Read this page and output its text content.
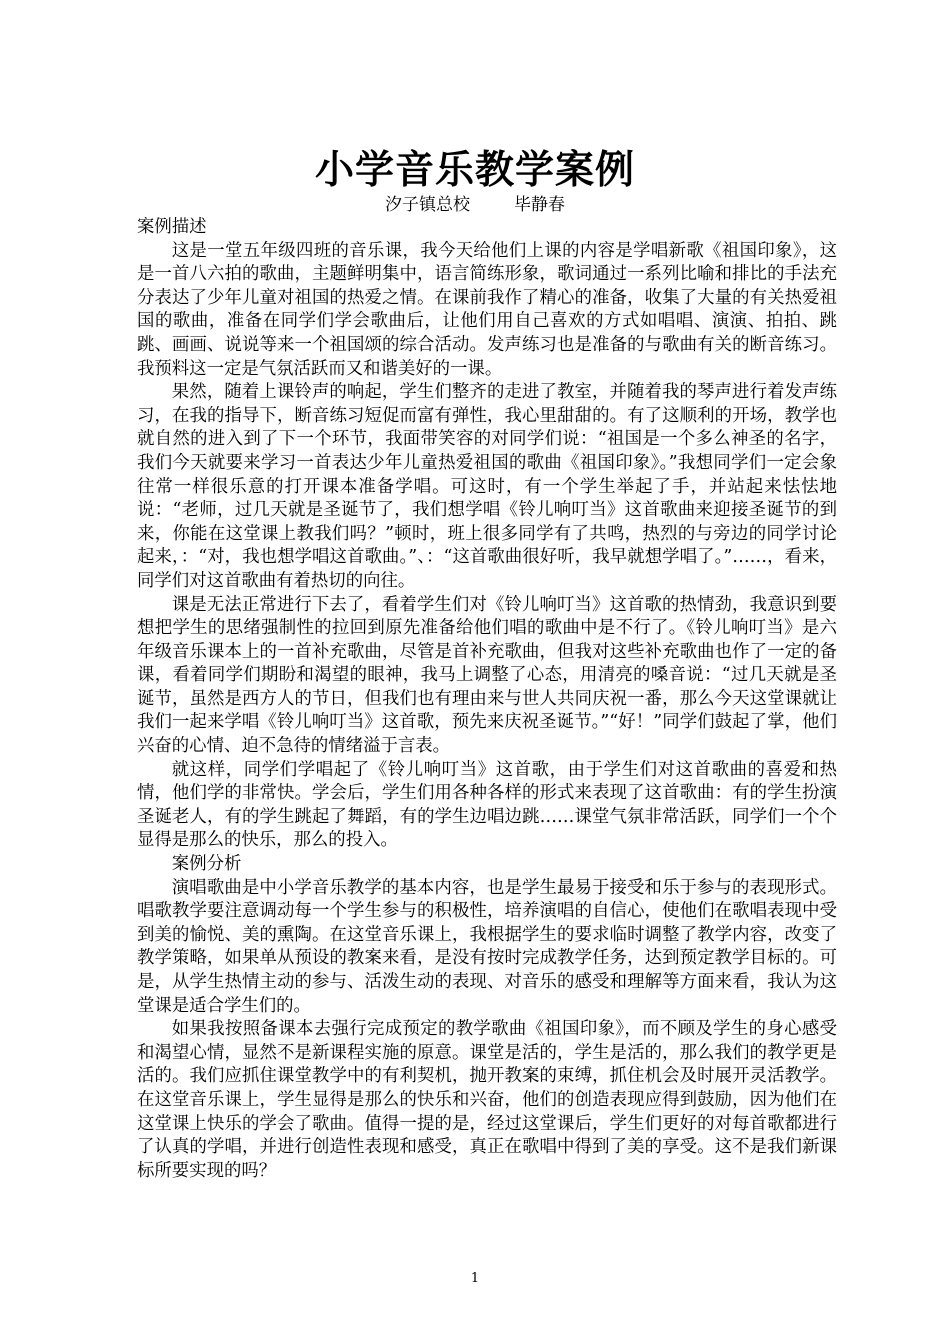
小学音乐教学案例
汐子镇总校	毕静春

案例描述

这是一堂五年级四班的音乐课，我今天给他们上课的内容是学唱新歌《祖国印象》，这是一首八六拍的歌曲，主题鲜明集中，语言简练形象，歌词通过一系列比喻和排比的手法充分表达了少年儿童对祖国的热爱之情。在课前我作了精心的准备，收集了大量的有关热爱祖国的歌曲，准备在同学们学会歌曲后，让他们用自己喜欢的方式如唱唱、演演、拍拍、跳跳、画画、说说等来一个祖国颂的综合活动。发声练习也是准备的与歌曲有关的断音练习。我预料这一定是气氛活跃而又和谐美好的一课。

果然，随着上课铃声的响起，学生们整齐的走进了教室，并随着我的琴声进行着发声练习，在我的指导下，断音练习短促而富有弹性，我心里甜甜的。有了这顺利的开场，教学也就自然的进入到了下一个环节，我面带笑容的对同学们说：“祖国是一个多么神圣的名字，我们今天就要来学习一首表达少年儿童热爱祖国的歌曲《祖国印象》。”我想同学们一定会象往常一样很乐意的打开课本准备学唱。可这时，有一个学生举起了手，并站起来怯怯地说：“老师，过几天就是圣诞节了，我们想学唱《铃儿响叮当》这首歌曲来迎接圣诞节的到来，你能在这堂课上教我们吗？”顿时，班上很多同学有了共鸣，热烈的与旁边的同学讨论起来，：“对，我也想学唱这首歌曲。”、：“这首歌曲很好听，我早就想学唱了。”……，看来，同学们对这首歌曲有着热切的向往。

课是无法正常进行下去了，看着学生们对《铃儿响叮当》这首歌的热情劲，我意识到要想把学生的思绪强制性的拉回到原先准备给他们唱的歌曲中是不行了。《铃儿响叮当》是六年级音乐课本上的一首补充歌曲，尽管是首补充歌曲，但我对这些补充歌曲也作了一定的备课，看着同学们期盼和渴望的眼神，我马上调整了心态，用清亮的嗓音说：“过几天就是圣诞节，虽然是西方人的节日，但我们也有理由来与世人共同庆祝一番，那么今天这堂课就让我们一起来学唱《铃儿响叮当》这首歌，预先来庆祝圣诞节。”“好！”同学们鼓起了掌，他们兴奋的心情、迫不急待的情绪溢于言表。

就这样，同学们学唱起了《铃儿响叮当》这首歌，由于学生们对这首歌曲的喜爱和热情，他们学的非常快。学会后，学生们用各种各样的形式来表现了这首歌曲：有的学生扮演圣诞老人，有的学生跳起了舞蹈，有的学生边唱边跳……课堂气氛非常活跃，同学们一个个显得是那么的快乐，那么的投入。

案例分析

演唱歌曲是中小学音乐教学的基本内容，也是学生最易于接受和乐于参与的表现形式。唱歌教学要注意调动每一个学生参与的积极性，培养演唱的自信心，使他们在歌唱表现中受到美的愉悦、美的熏陶。在这堂音乐课上，我根据学生的要求临时调整了教学内容，改变了教学策略，如果单从预设的教案来看，是没有按时完成教学任务，达到预定教学目标的。可是，从学生热情主动的参与、活泼生动的表现、对音乐的感受和理解等方面来看，我认为这堂课是适合学生们的。

如果我按照备课本去强行完成预定的教学歌曲《祖国印象》，而不顾及学生的身心感受和渴望心情，显然不是新课程实施的原意。课堂是活的，学生是活的，那么我们的教学更是活的。我们应抓住课堂教学中的有利契机，抛开教案的束缚，抓住机会及时展开灵活教学。在这堂音乐课上，学生显得是那么的快乐和兴奋，他们的创造表现应得到鼓励，因为他们在这堂课上快乐的学会了歌曲。值得一提的是，经过这堂课后，学生们更好的对每首歌都进行了认真的学唱，并进行创造性表现和感受，真正在歌唱中得到了美的享受。这不是我们新课标所要实现的吗？

1
